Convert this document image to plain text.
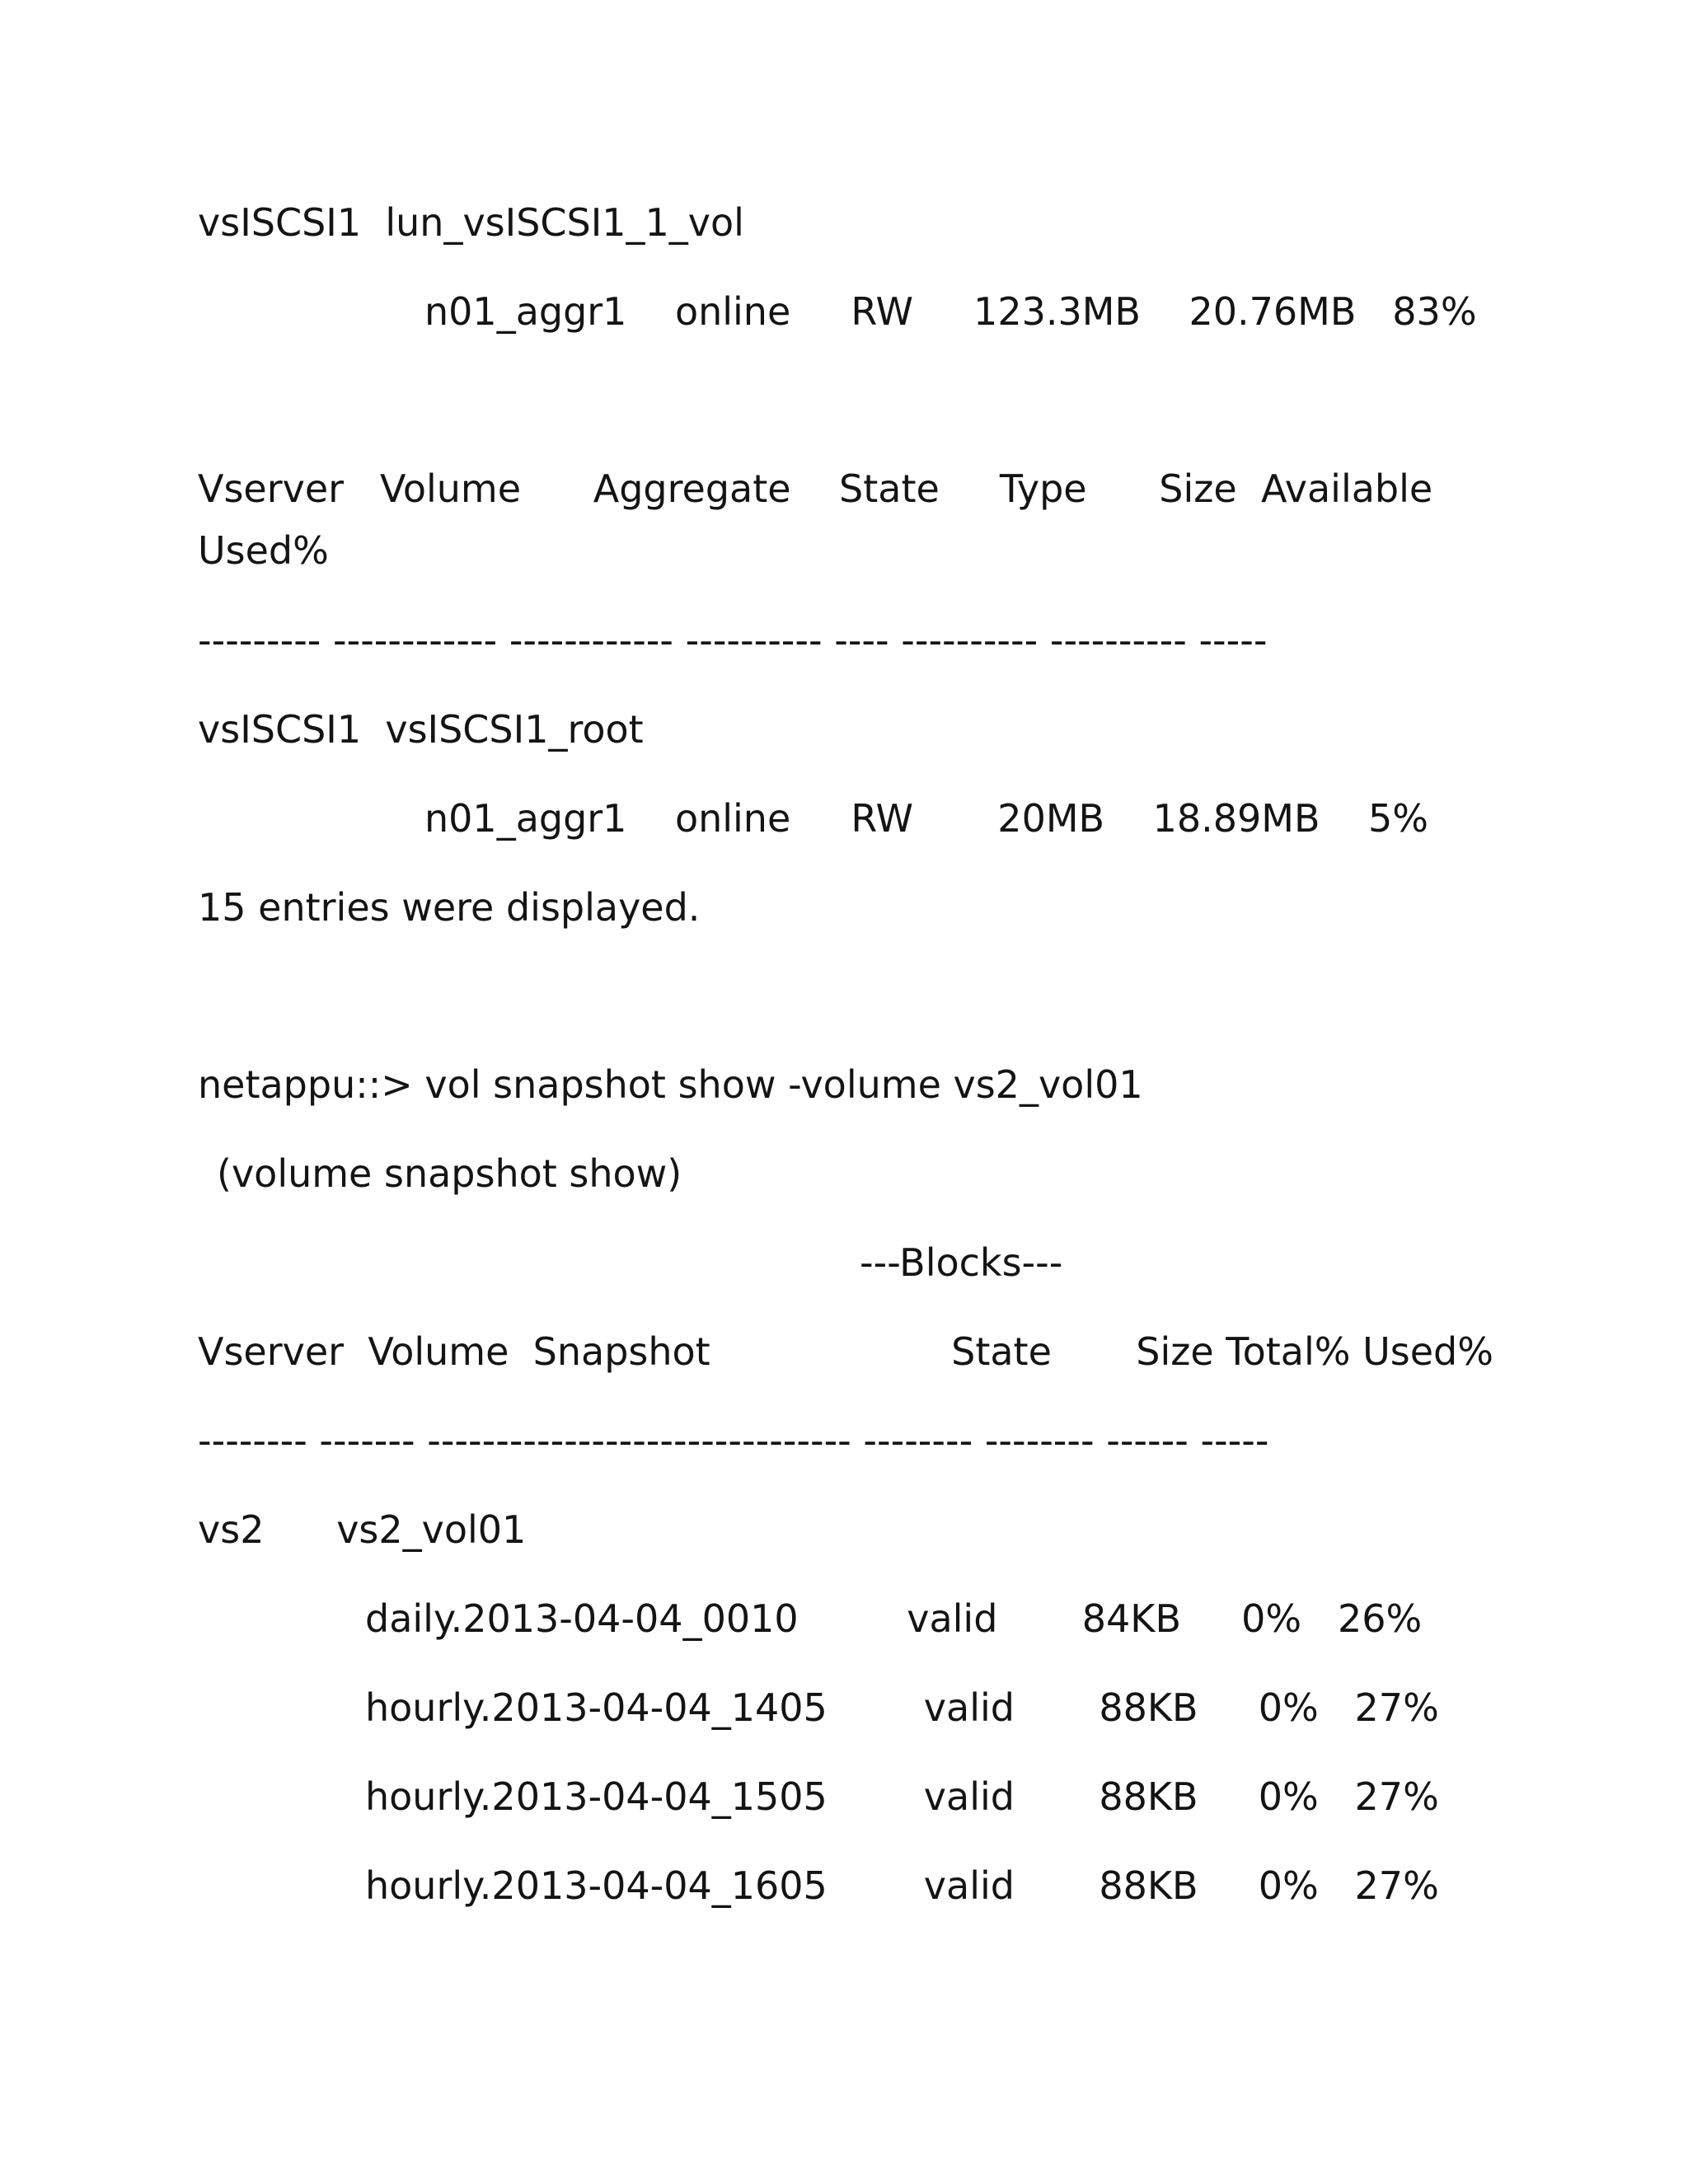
vsISCSI1  lun_vsISCSI1_1_vol
n01_aggr1    online     RW     123.3MB    20.76MB   83%
Vserver   Volume      Aggregate    State     Type      Size  Available
Used%
--------- ------------ ------------ ---------- ---- ---------- ---------- -----
vsISCSI1  vsISCSI1_root
n01_aggr1    online     RW       20MB    18.89MB    5%
15 entries were displayed.
netappu::> vol snapshot show -volume vs2_vol01
(volume snapshot show)
---Blocks---
Vserver  Volume  Snapshot                    State       Size Total% Used%
-------- ------- ------------------------------- -------- -------- ------ -----
vs2      vs2_vol01
daily.2013-04-04_0010         valid       84KB     0%   26%
hourly.2013-04-04_1405        valid       88KB     0%   27%
hourly.2013-04-04_1505        valid       88KB     0%   27%
hourly.2013-04-04_1605        valid       88KB     0%   27%
